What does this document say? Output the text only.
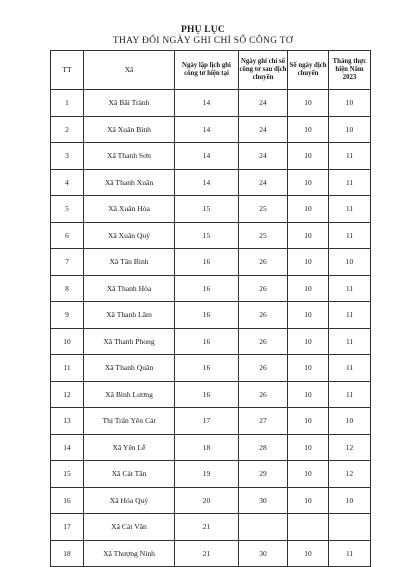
PHỤ LỤC
THAY ĐỔI NGÀY GHI CHỈ SỐ CÔNG TƠ
TT	Xã	Ngày lập lịch ghi công tơ hiện tại	Ngày ghi chỉ số công tơ sau dịch chuyển	Số ngày dịch chuyển	Tháng thực hiện Năm 2023
1	Xã Bãi Trành	14	24	10	10
2	Xã Xuân Bình	14	24	10	10
3	Xã Thanh Sơn	14	24	10	11
4	Xã Thanh Xuân	14	24	10	11
5	Xã Xuân Hòa	15	25	10	11
6	Xã Xuân Quỳ	15	25	10	11
7	Xã Tân Bình	16	26	10	10
8	Xã Thanh Hòa	16	26	10	11
9	Xã Thanh Lâm	16	26	10	11
10	Xã Thanh Phong	16	26	10	11
11	Xã Thanh Quân	16	26	10	11
12	Xã Bình Lương	16	26	10	11
13	Thị Trấn Yên Cát	17	27	10	10
14	Xã Yên Lễ	18	28	10	12
15	Xã Cát Tân	19	29	10	12
16	Xã Hóa Quỳ	20	30	10	10
17	Xã Cát Vân	21			
18	Xã Thượng Ninh	21	30	10	11
